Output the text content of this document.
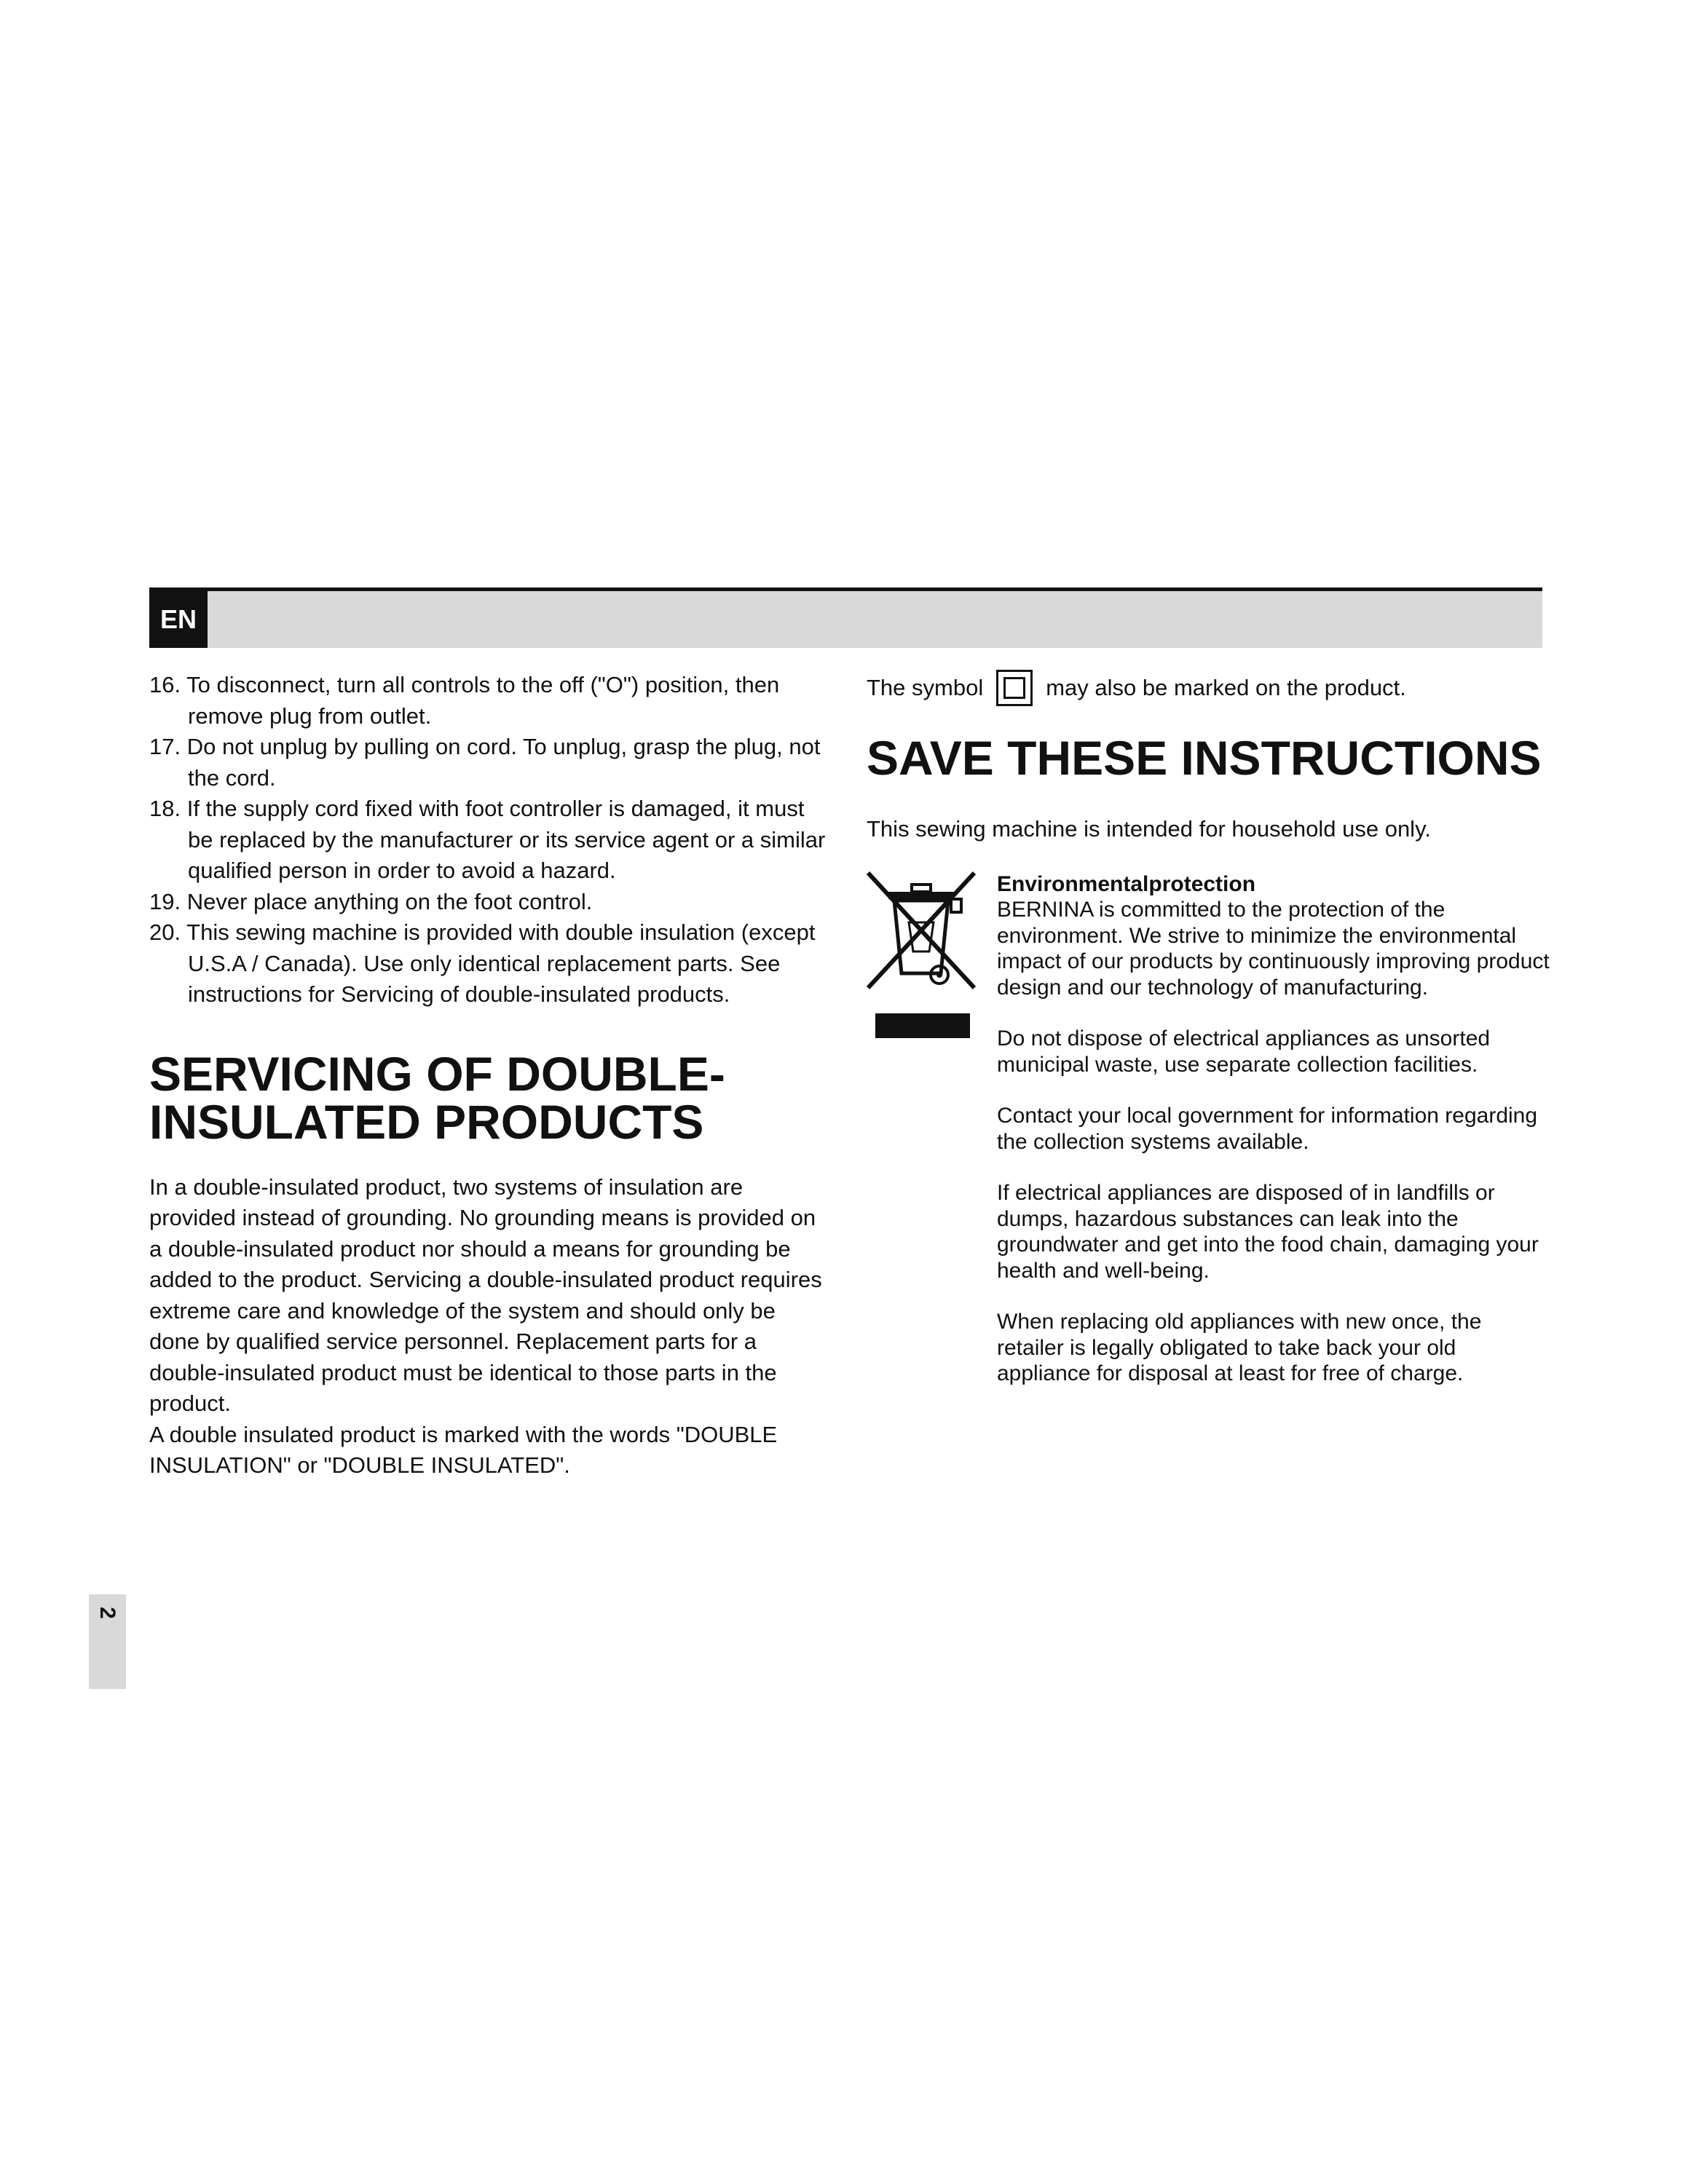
EN
16. To disconnect, turn all controls to the off ("O") position, then remove plug from outlet.
17. Do not unplug by pulling on cord. To unplug, grasp the plug, not the cord.
18. If the supply cord fixed with foot controller is damaged, it must be replaced by the manufacturer or its service agent or a similar qualified person in order to avoid a hazard.
19. Never place anything on the foot control.
20. This sewing machine is provided with double insulation (except U.S.A / Canada). Use only identical replacement parts. See instructions for Servicing of double-insulated products.
SERVICING OF DOUBLE-INSULATED PRODUCTS

In a double-insulated product, two systems of insulation are provided instead of grounding. No grounding means is provided on a double-insulated product nor should a means for grounding be added to the product. Servicing a double-insulated product requires extreme care and knowledge of the system and should only be done by qualified service personnel. Replacement parts for a double-insulated product must be identical to those parts in the product.

A double insulated product is marked with the words "DOUBLE INSULATION" or "DOUBLE INSULATED".

The symbol	may also be marked on the product.

SAVE THESE INSTRUCTIONS

This sewing machine is intended for household use only.

Environmentalprotection

BERNINA is committed to the protection of the environment. We strive to minimize the environmental impact of our products by continuously improving product design and our technology of manufacturing.

Do not dispose of electrical appliances as unsorted municipal waste, use separate collection facilities.

Contact your local government for information regarding the collection systems available.

If electrical appliances are disposed of in landfills or dumps, hazardous substances can leak into the groundwater and get into the food chain, damaging your health and well-being.

When replacing old appliances with new once, the retailer is legally obligated to take back your old appliance for disposal at least for free of charge.

2
